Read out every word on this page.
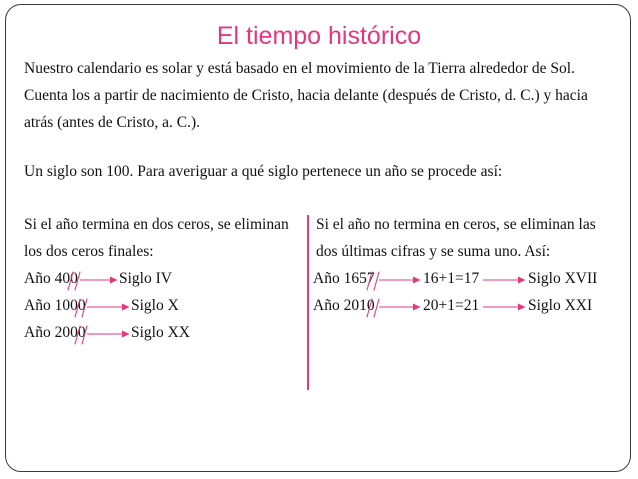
El tiempo histórico
Nuestro calendario es solar y está basado en el movimiento de la Tierra alrededor de Sol.
Cuenta los a partir de nacimiento de Cristo, hacia delante (después de Cristo, d. C.) y hacia
atrás (antes de Cristo, a. C.).
Un siglo son 100. Para averiguar a qué siglo pertenece un año se procede así:
Si el año termina en dos ceros, se eliminan
los dos ceros finales:
Año 400	Siglo IV
Año 1000	Siglo X
Año 2000	Siglo XX
Si el año no termina en ceros, se eliminan las
dos últimas cifras y se suma uno. Así:
Año 1657	16+1=17	Siglo XVII
Año 2010	20+1=21	Siglo XXI
